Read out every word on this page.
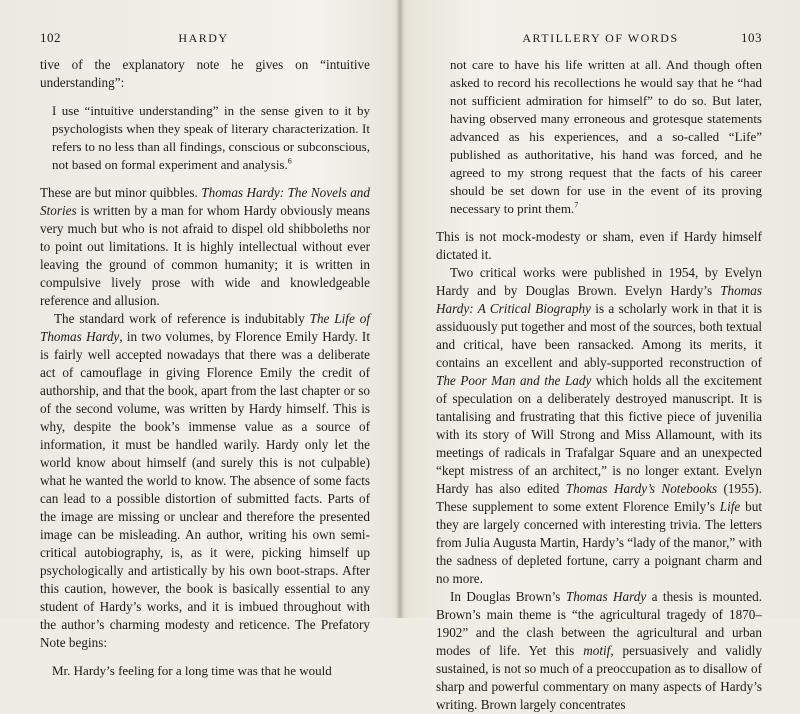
102	HARDY

tive of the explanatory note he gives on “intuitive understanding”:

I use “intuitive understanding” in the sense given to it by psychologists when they speak of literary characterization. It refers to no less than all findings, conscious or subconscious, not based on formal experiment and analysis.$^6$

These are but minor quibbles. Thomas Hardy: The Novels and Stories is written by a man for whom Hardy obviously means very much but who is not afraid to dispel old shibboleths nor to point out limitations. It is highly intellectual without ever leaving the ground of common humanity; it is written in compulsive lively prose with wide and knowledgeable reference and allusion.

The standard work of reference is indubitably The Life of Thomas Hardy, in two volumes, by Florence Emily Hardy. It is fairly well accepted nowadays that there was a deliberate act of camouflage in giving Florence Emily the credit of authorship, and that the book, apart from the last chapter or so of the second volume, was written by Hardy himself. This is why, despite the book’s immense value as a source of information, it must be handled warily. Hardy only let the world know about himself (and surely this is not culpable) what he wanted the world to know. The absence of some facts can lead to a possible distortion of submitted facts. Parts of the image are missing or unclear and therefore the presented image can be misleading. An author, writing his own semi-critical autobiography, is, as it were, picking himself up psychologically and artistically by his own boot-straps. After this caution, however, the book is basically essential to any student of Hardy’s works, and it is imbued throughout with the author’s charming modesty and reticence. The Prefatory Note begins:

Mr. Hardy’s feeling for a long time was that he would

ARTILLERY OF WORDS	103

not care to have his life written at all. And though often asked to record his recollections he would say that he “had not sufficient admiration for himself” to do so. But later, having observed many erroneous and grotesque statements advanced as his experiences, and a so-called “Life” published as authoritative, his hand was forced, and he agreed to my strong request that the facts of his career should be set down for use in the event of its proving necessary to print them.$^7$

This is not mock-modesty or sham, even if Hardy himself dictated it.

Two critical works were published in 1954, by Evelyn Hardy and by Douglas Brown. Evelyn Hardy’s Thomas Hardy: A Critical Biography is a scholarly work in that it is assiduously put together and most of the sources, both textual and critical, have been ransacked. Among its merits, it contains an excellent and ably-supported reconstruction of The Poor Man and the Lady which holds all the excitement of speculation on a deliberately destroyed manuscript. It is tantalising and frustrating that this fictive piece of juvenilia with its story of Will Strong and Miss Allamount, with its meetings of radicals in Trafalgar Square and an unexpected “kept mistress of an architect,” is no longer extant. Evelyn Hardy has also edited Thomas Hardy’s Notebooks (1955). These supplement to some extent Florence Emily’s Life but they are largely concerned with interesting trivia. The letters from Julia Augusta Martin, Hardy’s “lady of the manor,” with the sadness of depleted fortune, carry a poignant charm and no more.

In Douglas Brown’s Thomas Hardy a thesis is mounted. Brown’s main theme is “the agricultural tragedy of 1870–1902” and the clash between the agricultural and urban modes of life. Yet this motif, persuasively and validly sustained, is not so much of a preoccupation as to disallow of sharp and powerful commentary on many aspects of Hardy’s writing. Brown largely concentrates
